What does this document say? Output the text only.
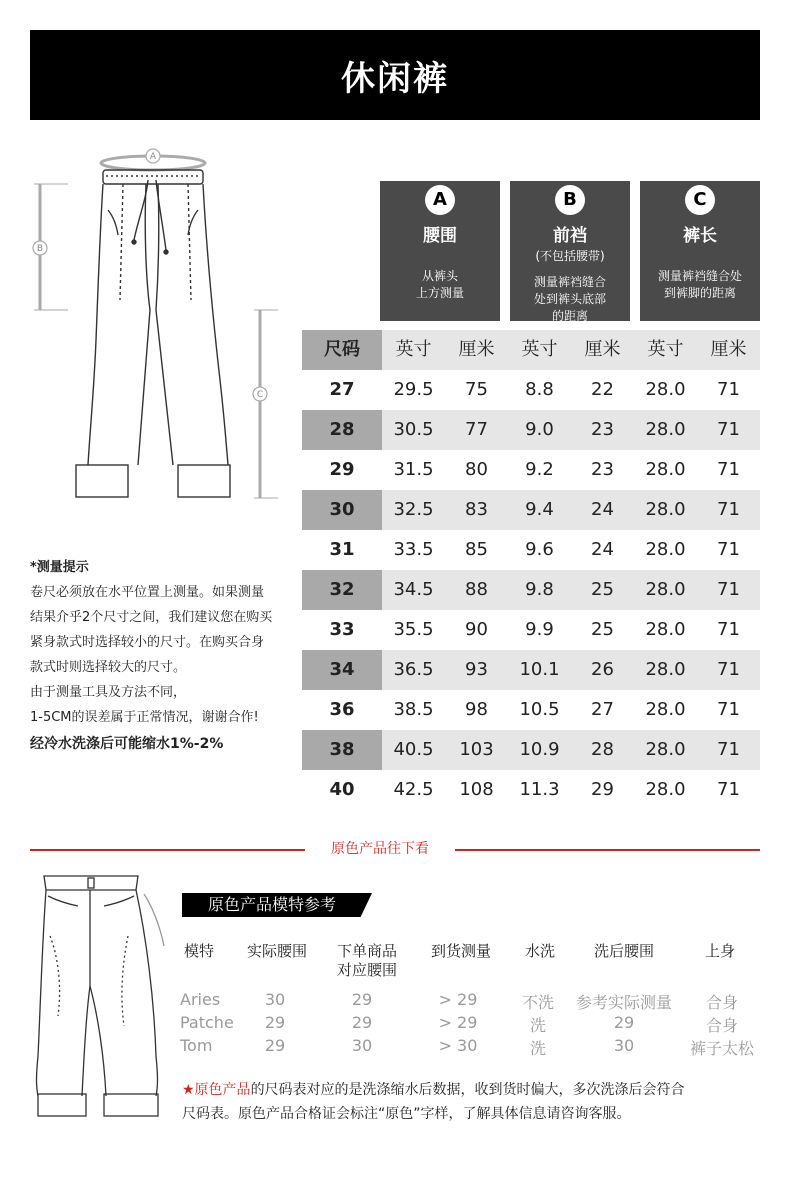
休闲裤
A
B
C
A
腰围
从裤头
上方测量
B
前裆
(不包括腰带)
测量裤裆缝合
处到裤头底部
的距离
C
裤长
测量裤裆缝合处
到裤脚的距离
尺码	英寸	厘米	英寸	厘米	英寸	厘米
27	29.5	75	8.8	22	28.0	71
28	30.5	77	9.0	23	28.0	71
29	31.5	80	9.2	23	28.0	71
30	32.5	83	9.4	24	28.0	71
31	33.5	85	9.6	24	28.0	71
32	34.5	88	9.8	25	28.0	71
33	35.5	90	9.9	25	28.0	71
34	36.5	93	10.1	26	28.0	71
36	38.5	98	10.5	27	28.0	71
38	40.5	103	10.9	28	28.0	71
40	42.5	108	11.3	29	28.0	71
*测量提示
卷尺必须放在水平位置上测量。如果测量
结果介乎2个尺寸之间，我们建议您在购买
紧身款式时选择较小的尺寸。在购买合身
款式时则选择较大的尺寸。
由于测量工具及方法不同，
1-5CM的误差属于正常情况，谢谢合作!
经冷水洗涤后可能缩水1%-2%
原色产品往下看
原色产品模特参考
模特	实际腰围	下单商品
对应腰围
到货测量	水洗	洗后腰围	上身
Aries	30	29	> 29	不洗	参考实际测量	合身
Patche	29	29	> 29	洗	29	合身
Tom	29	30	> 30	洗	30	裤子太松
★原色产品的尺码表对应的是洗涤缩水后数据，收到货时偏大，多次洗涤后会符合
尺码表。原色产品合格证会标注“原色”字样，了解具体信息请咨询客服。
